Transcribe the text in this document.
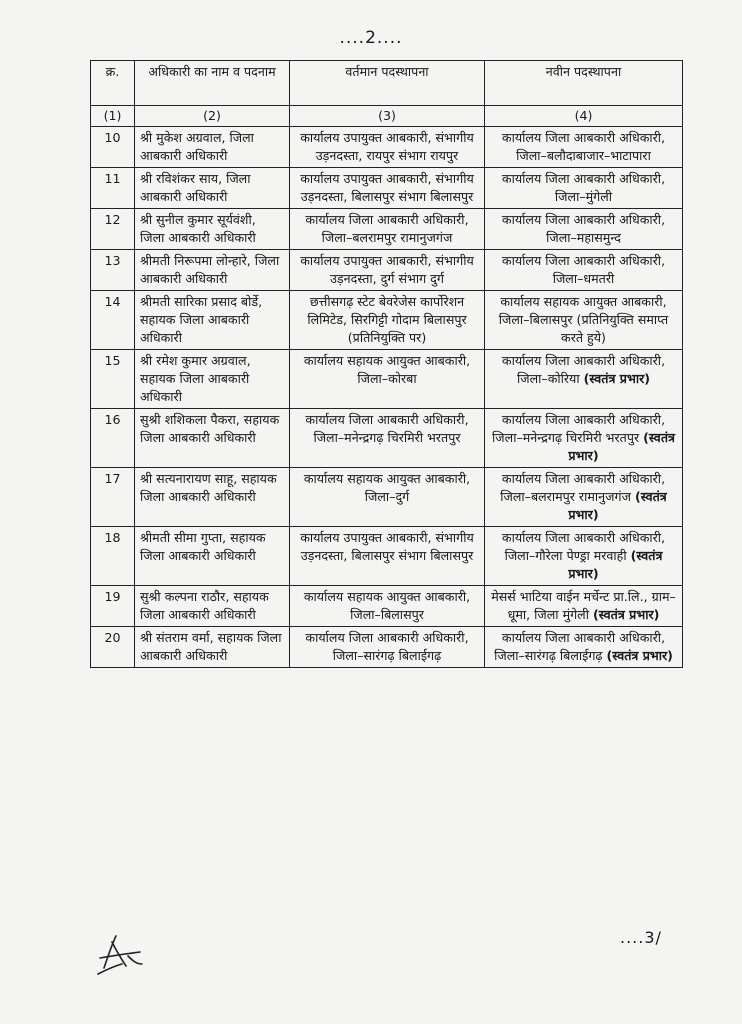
....2....
क्र.	अधिकारी का नाम व पदनाम	वर्तमान पदस्थापना	नवीन पदस्थापना
(1)	(2)	(3)	(4)
10	श्री मुकेश अग्रवाल, जिला आबकारी अधिकारी	कार्यालय उपायुक्त आबकारी, संभागीय उड़नदस्ता, रायपुर संभाग रायपुर	कार्यालय जिला आबकारी अधिकारी, जिला–बलौदाबाजार–भाटापारा
11	श्री रविशंकर साय, जिला आबकारी अधिकारी	कार्यालय उपायुक्त आबकारी, संभागीय उड़नदस्ता, बिलासपुर संभाग बिलासपुर	कार्यालय जिला आबकारी अधिकारी, जिला–मुंगेली
12	श्री सुनील कुमार सूर्यवंशी, जिला आबकारी अधिकारी	कार्यालय जिला आबकारी अधिकारी, जिला–बलरामपुर रामानुजगंज	कार्यालय जिला आबकारी अधिकारी, जिला–महासमुन्द
13	श्रीमती निरूपमा लोन्हारे, जिला आबकारी अधिकारी	कार्यालय उपायुक्त आबकारी, संभागीय उड़नदस्ता, दुर्ग संभाग दुर्ग	कार्यालय जिला आबकारी अधिकारी, जिला–धमतरी
14	श्रीमती सारिका प्रसाद बोर्डे, सहायक जिला आबकारी अधिकारी	छत्तीसगढ़ स्टेट बेवरेजेस कार्पोरेशन लिमिटेड, सिरगिट्टी गोदाम बिलासपुर (प्रतिनियुक्ति पर)	कार्यालय सहायक आयुक्त आबकारी, जिला–बिलासपुर (प्रतिनियुक्ति समाप्त करते हुये)
15	श्री रमेश कुमार अग्रवाल, सहायक जिला आबकारी अधिकारी	कार्यालय सहायक आयुक्त आबकारी, जिला–कोरबा	कार्यालय जिला आबकारी अधिकारी, जिला–कोरिया (स्वतंत्र प्रभार)
16	सुश्री शशिकला पैकरा, सहायक जिला आबकारी अधिकारी	कार्यालय जिला आबकारी अधिकारी, जिला–मनेन्द्रगढ़ चिरमिरी भरतपुर	कार्यालय जिला आबकारी अधिकारी, जिला–मनेन्द्रगढ़ चिरमिरी भरतपुर (स्वतंत्र प्रभार)
17	श्री सत्यनारायण साहू, सहायक जिला आबकारी अधिकारी	कार्यालय सहायक आयुक्त आबकारी, जिला–दुर्ग	कार्यालय जिला आबकारी अधिकारी, जिला–बलरामपुर रामानुजगंज (स्वतंत्र प्रभार)
18	श्रीमती सीमा गुप्ता, सहायक जिला आबकारी अधिकारी	कार्यालय उपायुक्त आबकारी, संभागीय उड़नदस्ता, बिलासपुर संभाग बिलासपुर	कार्यालय जिला आबकारी अधिकारी, जिला–गौरेला पेण्ड्रा मरवाही (स्वतंत्र प्रभार)
19	सुश्री कल्पना राठौर, सहायक जिला आबकारी अधिकारी	कार्यालय सहायक आयुक्त आबकारी, जिला–बिलासपुर	मेसर्स भाटिया वाईन मर्चेन्ट प्रा.लि., ग्राम–धूमा, जिला मुंगेली (स्वतंत्र प्रभार)
20	श्री संतराम वर्मा, सहायक जिला आबकारी अधिकारी	कार्यालय जिला आबकारी अधिकारी, जिला–सारंगढ़ बिलाईगढ़	कार्यालय जिला आबकारी अधिकारी, जिला–सारंगढ़ बिलाईगढ़ (स्वतंत्र प्रभार)
....3/
